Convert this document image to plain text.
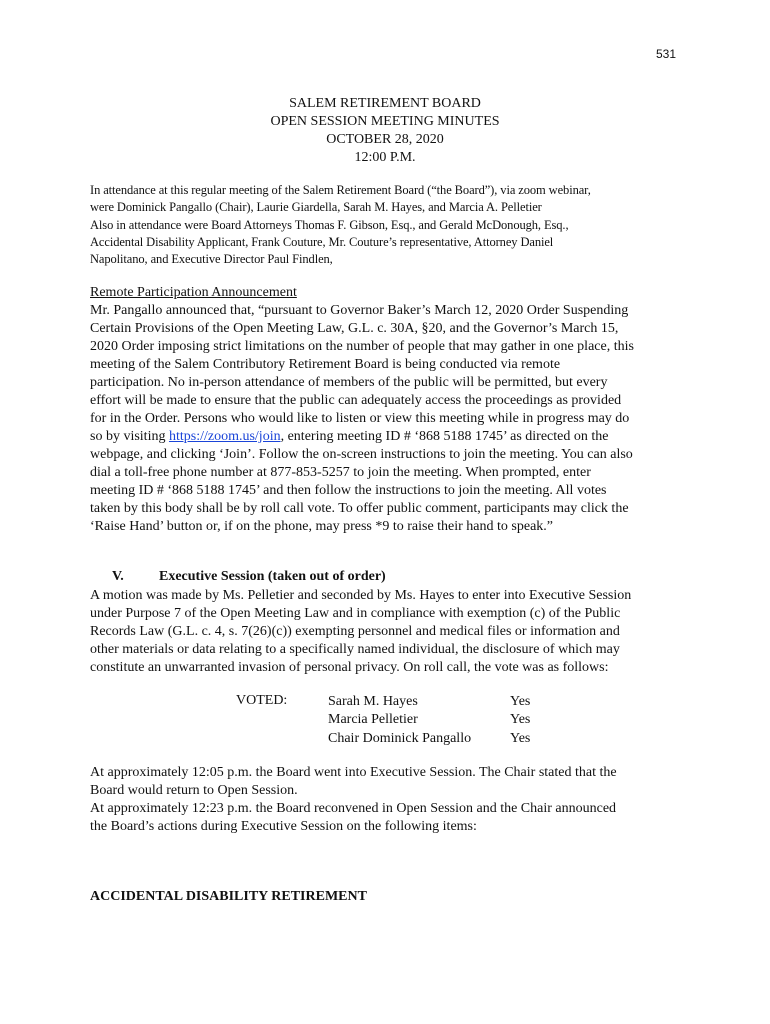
531
SALEM RETIREMENT BOARD
OPEN SESSION MEETING MINUTES
OCTOBER 28, 2020
12:00 P.M.
In attendance at this regular meeting of the Salem Retirement Board (“the Board”), via zoom webinar,
were Dominick Pangallo (Chair), Laurie Giardella, Sarah M. Hayes, and Marcia A. Pelletier
Also in attendance were Board Attorneys Thomas F. Gibson, Esq., and Gerald McDonough, Esq.,
Accidental Disability Applicant, Frank Couture, Mr. Couture’s representative, Attorney Daniel
Napolitano, and Executive Director Paul Findlen,
Remote Participation Announcement
Mr. Pangallo announced that, “pursuant to Governor Baker’s March 12, 2020 Order Suspending
Certain Provisions of the Open Meeting Law, G.L. c. 30A, §20, and the Governor’s March 15,
2020 Order imposing strict limitations on the number of people that may gather in one place, this
meeting of the Salem Contributory Retirement Board is being conducted via remote
participation. No in-person attendance of members of the public will be permitted, but every
effort will be made to ensure that the public can adequately access the proceedings as provided
for in the Order. Persons who would like to listen or view this meeting while in progress may do
so by visiting https://zoom.us/join, entering meeting ID # ‘868 5188 1745’ as directed on the
webpage, and clicking ‘Join’. Follow the on-screen instructions to join the meeting. You can also
dial a toll-free phone number at 877-853-5257 to join the meeting. When prompted, enter
meeting ID # ‘868 5188 1745’ and then follow the instructions to join the meeting. All votes
taken by this body shall be by roll call vote. To offer public comment, participants may click the
‘Raise Hand’ button or, if on the phone, may press *9 to raise their hand to speak.”
V.	Executive Session (taken out of order)
A motion was made by Ms. Pelletier and seconded by Ms. Hayes to enter into Executive Session
under Purpose 7 of the Open Meeting Law and in compliance with exemption (c) of the Public
Records Law (G.L. c. 4, s. 7(26)(c)) exempting personnel and medical files or information and
other materials or data relating to a specifically named individual, the disclosure of which may
constitute an unwarranted invasion of personal privacy. On roll call, the vote was as follows:
VOTED:	Sarah M. Hayes	Yes
Marcia Pelletier	Yes
Chair Dominick Pangallo	Yes
At approximately 12:05 p.m. the Board went into Executive Session. The Chair stated that the
Board would return to Open Session.
At approximately 12:23 p.m. the Board reconvened in Open Session and the Chair announced
the Board’s actions during Executive Session on the following items:
ACCIDENTAL DISABILITY RETIREMENT
